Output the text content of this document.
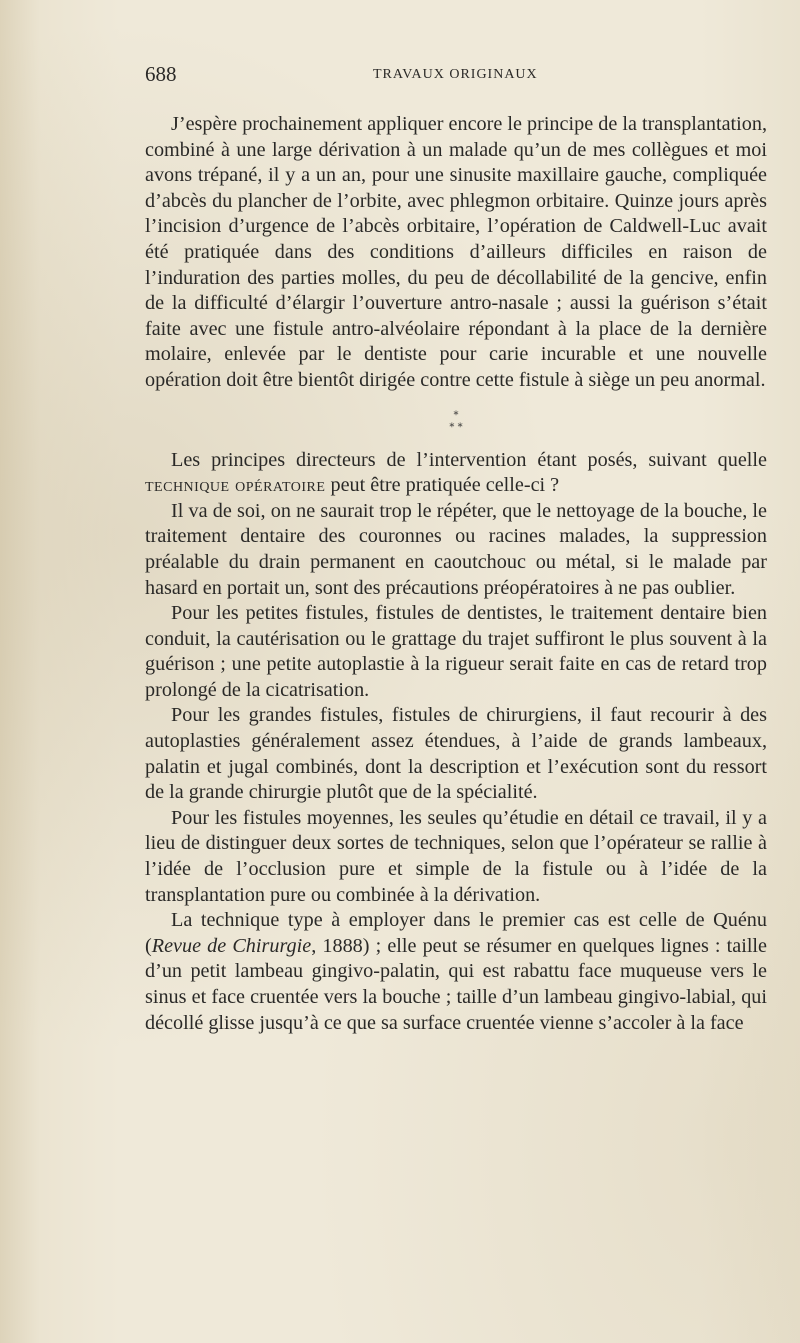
688	TRAVAUX ORIGINAUX

J’espère prochainement appliquer encore le principe de la transplantation, combiné à une large dérivation à un malade qu’un de mes collègues et moi avons trépané, il y a un an, pour une sinusite maxillaire gauche, compliquée d’abcès du plancher de l’orbite, avec phlegmon orbitaire. Quinze jours après l’incision d’urgence de l’abcès orbitaire, l’opération de Caldwell-Luc avait été pratiquée dans des conditions d’ailleurs difficiles en raison de l’induration des parties molles, du peu de décollabilité de la gencive, enfin de la difficulté d’élargir l’ouverture antro-nasale ; aussi la guérison s’était faite avec une fistule antro-alvéolaire répondant à la place de la dernière molaire, enlevée par le dentiste pour carie incurable et une nouvelle opération doit être bientôt dirigée contre cette fistule à siège un peu anormal.

*
* *

Les principes directeurs de l’intervention étant posés, suivant quelle technique opératoire peut être pratiquée celle-ci ?

Il va de soi, on ne saurait trop le répéter, que le nettoyage de la bouche, le traitement dentaire des couronnes ou racines malades, la suppression préalable du drain permanent en caoutchouc ou métal, si le malade par hasard en portait un, sont des précautions préopératoires à ne pas oublier.

Pour les petites fistules, fistules de dentistes, le traitement dentaire bien conduit, la cautérisation ou le grattage du trajet suffiront le plus souvent à la guérison ; une petite autoplastie à la rigueur serait faite en cas de retard trop prolongé de la cicatrisation.

Pour les grandes fistules, fistules de chirurgiens, il faut recourir à des autoplasties généralement assez étendues, à l’aide de grands lambeaux, palatin et jugal combinés, dont la description et l’exécution sont du ressort de la grande chirurgie plutôt que de la spécialité.

Pour les fistules moyennes, les seules qu’étudie en détail ce travail, il y a lieu de distinguer deux sortes de techniques, selon que l’opérateur se rallie à l’idée de l’occlusion pure et simple de la fistule ou à l’idée de la transplantation pure ou combinée à la dérivation.

La technique type à employer dans le premier cas est celle de Quénu (Revue de Chirurgie, 1888) ; elle peut se résumer en quelques lignes : taille d’un petit lambeau gingivo-palatin, qui est rabattu face muqueuse vers le sinus et face cruentée vers la bouche ; taille d’un lambeau gingivo-labial, qui décollé glisse jusqu’à ce que sa surface cruentée vienne s’accoler à la face
